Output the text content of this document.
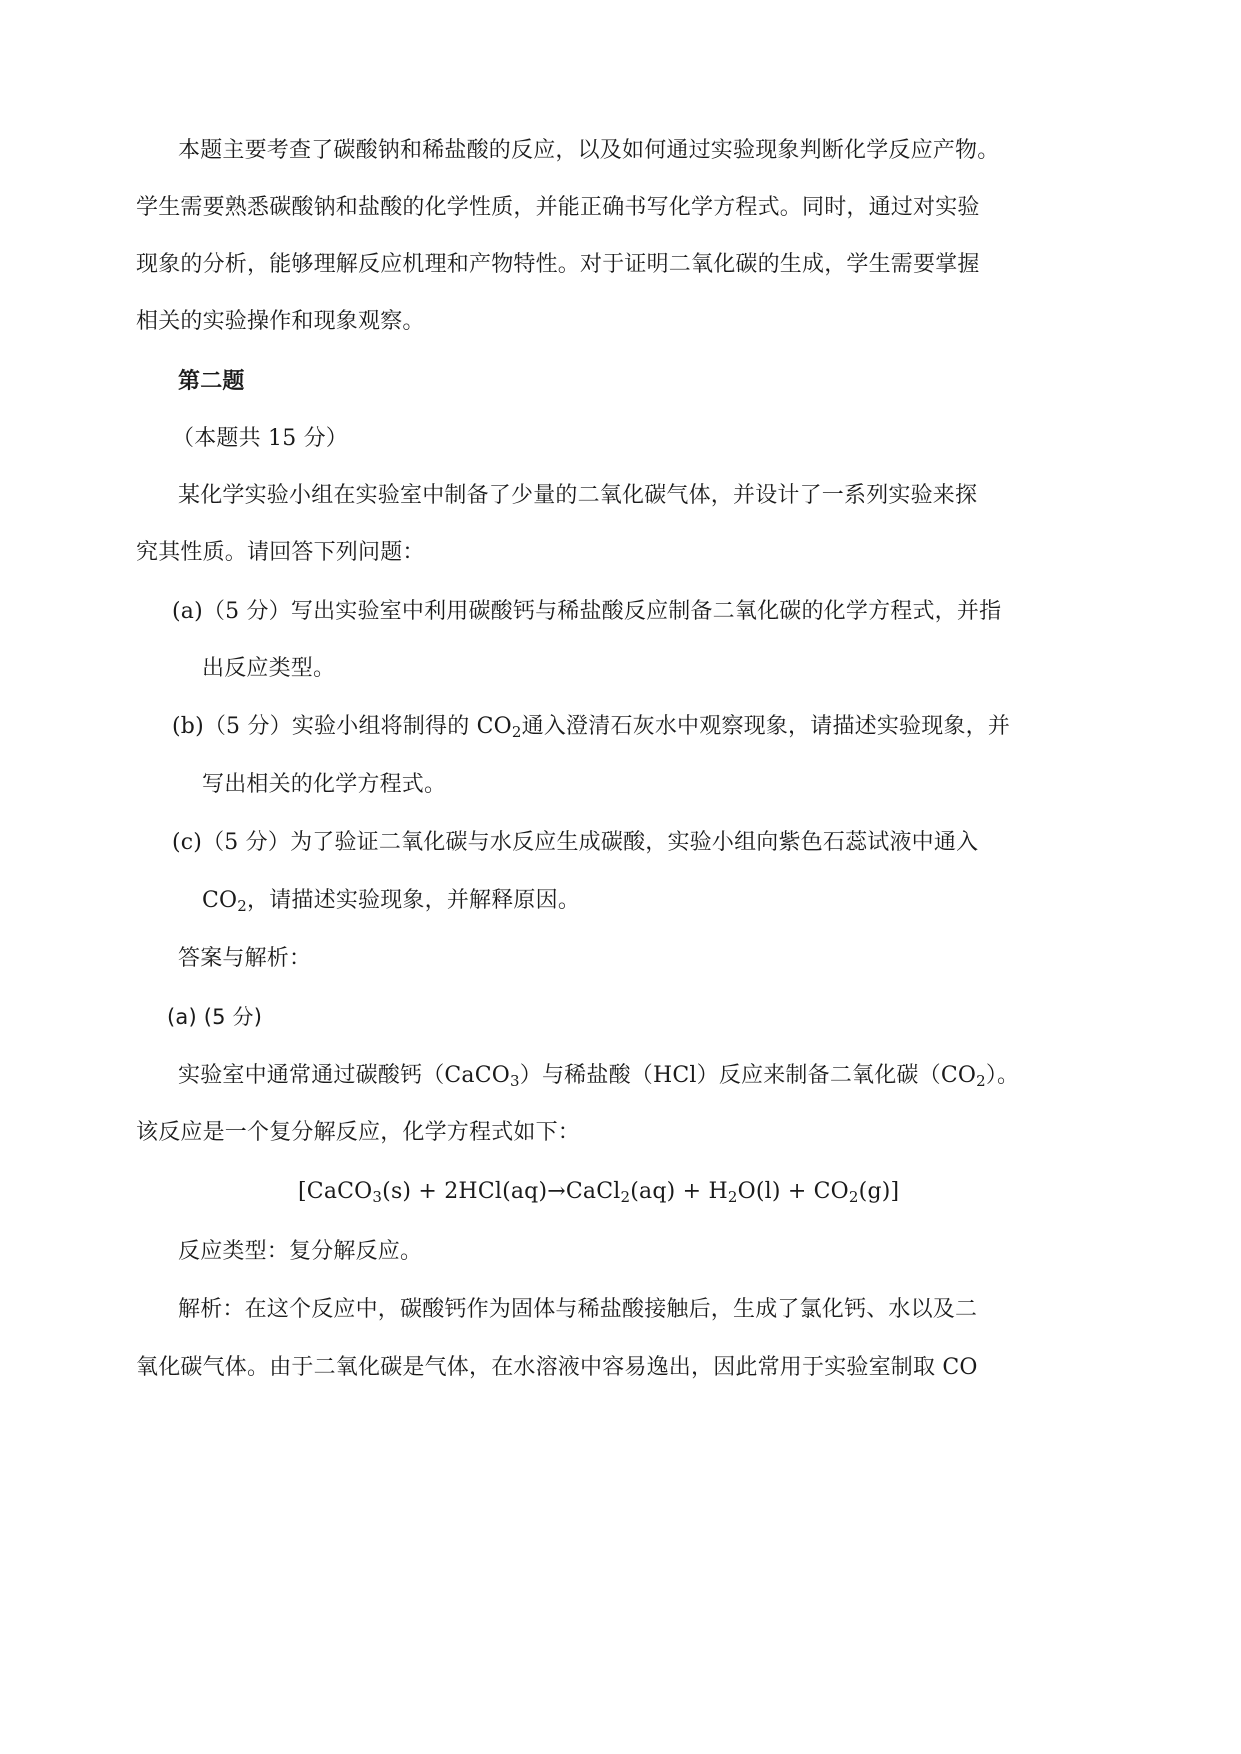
本题主要考查了碳酸钠和稀盐酸的反应，以及如何通过实验现象判断化学反应产物。
学生需要熟悉碳酸钠和盐酸的化学性质，并能正确书写化学方程式。同时，通过对实验
现象的分析，能够理解反应机理和产物特性。对于证明二氧化碳的生成，学生需要掌握
相关的实验操作和现象观察。
第二题
（本题共 15 分）
某化学实验小组在实验室中制备了少量的二氧化碳气体，并设计了一系列实验来探
究其性质。请回答下列问题：
(a)（5 分）写出实验室中利用碳酸钙与稀盐酸反应制备二氧化碳的化学方程式，并指
出反应类型。
(b)（5 分）实验小组将制得的 $CO_2$通入澄清石灰水中观察现象，请描述实验现象，并
写出相关的化学方程式。
(c)（5 分）为了验证二氧化碳与水反应生成碳酸，实验小组向紫色石蕊试液中通入
$CO_2$，请描述实验现象，并解释原因。
答案与解析：
(a) (5 分)
实验室中通常通过碳酸钙（CaCO$_3$）与稀盐酸（HCl）反应来制备二氧化碳$(CO_2)$。
该反应是一个复分解反应，化学方程式如下：
[CaCO$_3$(s) + 2HCl(aq)→CaCl$_2$(aq) + $H_2O(l) + CO_2(g)$]
反应类型：复分解反应。
解析：在这个反应中，碳酸钙作为固体与稀盐酸接触后，生成了氯化钙、水以及二
氧化碳气体。由于二氧化碳是气体，在水溶液中容易逸出，因此常用于实验室制取 CO
